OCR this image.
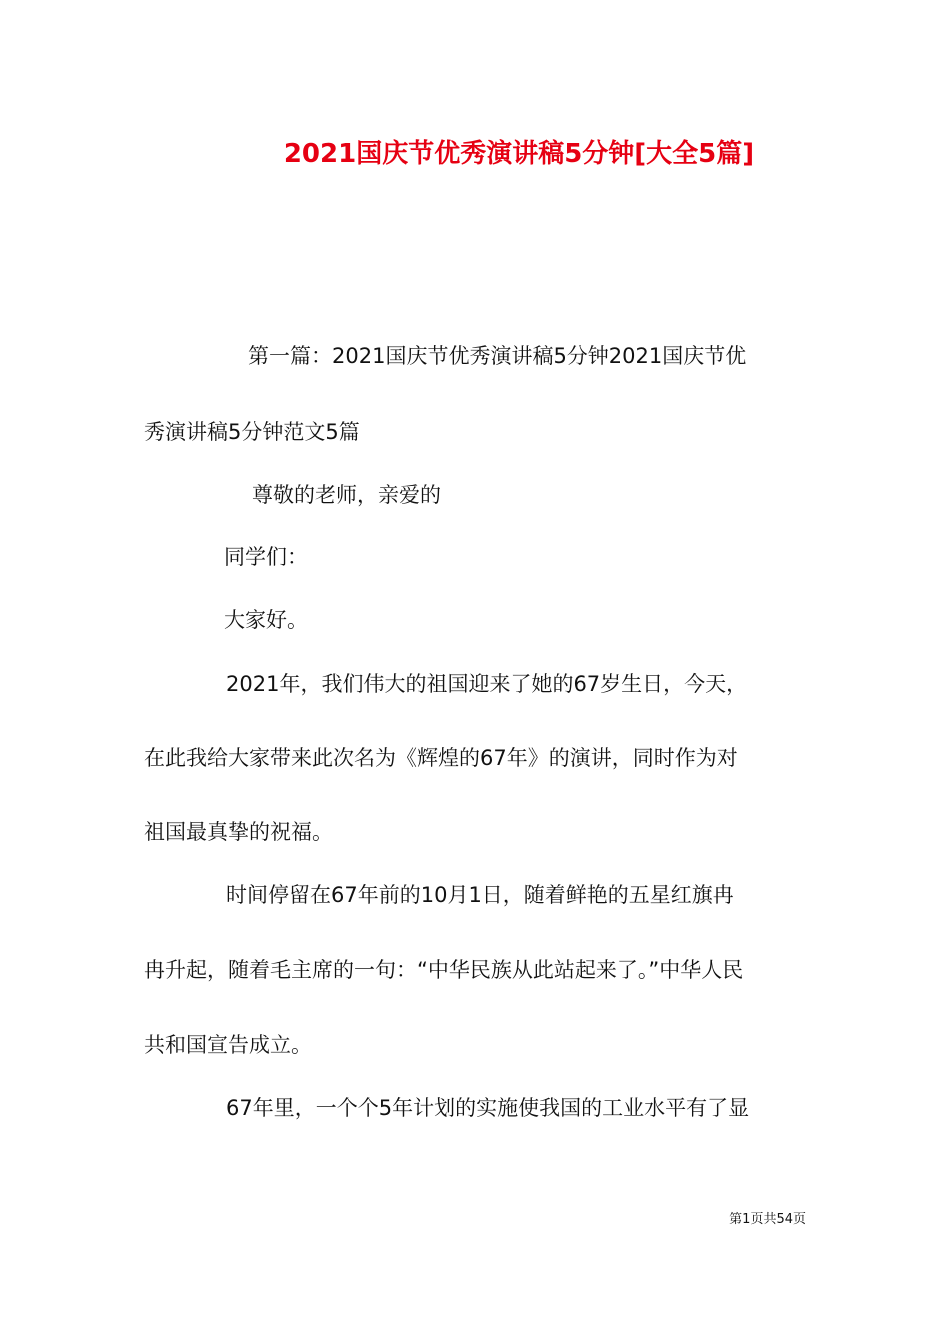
2021国庆节优秀演讲稿5分钟[大全5篇]
第一篇：2021国庆节优秀演讲稿5分钟2021国庆节优
秀演讲稿5分钟范文5篇
尊敬的老师，亲爱的
同学们：
大家好。
2021年，我们伟大的祖国迎来了她的67岁生日，今天，
在此我给大家带来此次名为《辉煌的67年》的演讲，同时作为对
祖国最真挚的祝福。
时间停留在67年前的10月1日，随着鲜艳的五星红旗冉
冉升起，随着毛主席的一句：“中华民族从此站起来了。”中华人民
共和国宣告成立。
67年里，一个个5年计划的实施使我国的工业水平有了显
第1页共54页
